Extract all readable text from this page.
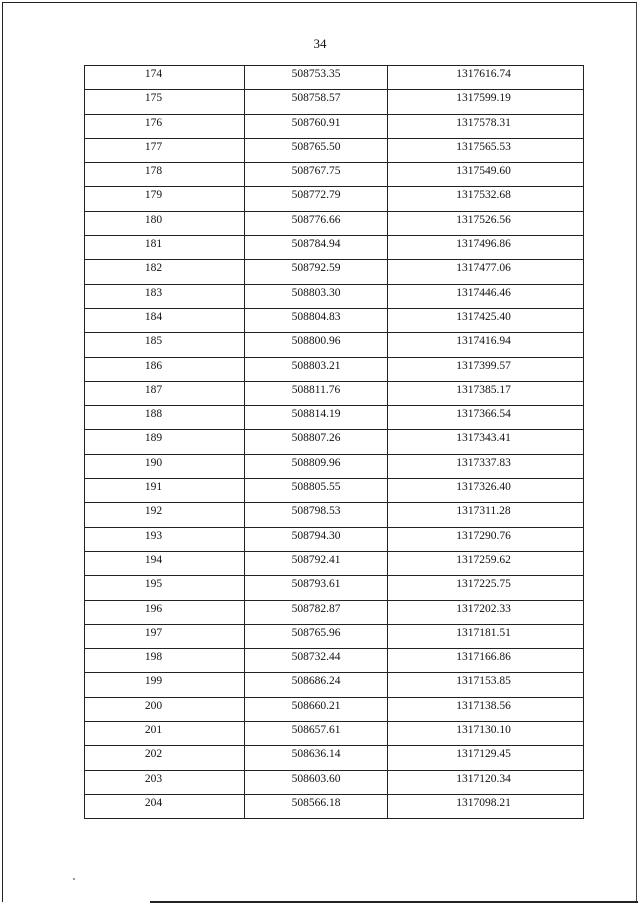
34
174	508753.35	1317616.74
175	508758.57	1317599.19
176	508760.91	1317578.31
177	508765.50	1317565.53
178	508767.75	1317549.60
179	508772.79	1317532.68
180	508776.66	1317526.56
181	508784.94	1317496.86
182	508792.59	1317477.06
183	508803.30	1317446.46
184	508804.83	1317425.40
185	508800.96	1317416.94
186	508803.21	1317399.57
187	508811.76	1317385.17
188	508814.19	1317366.54
189	508807.26	1317343.41
190	508809.96	1317337.83
191	508805.55	1317326.40
192	508798.53	1317311.28
193	508794.30	1317290.76
194	508792.41	1317259.62
195	508793.61	1317225.75
196	508782.87	1317202.33
197	508765.96	1317181.51
198	508732.44	1317166.86
199	508686.24	1317153.85
200	508660.21	1317138.56
201	508657.61	1317130.10
202	508636.14	1317129.45
203	508603.60	1317120.34
204	508566.18	1317098.21
